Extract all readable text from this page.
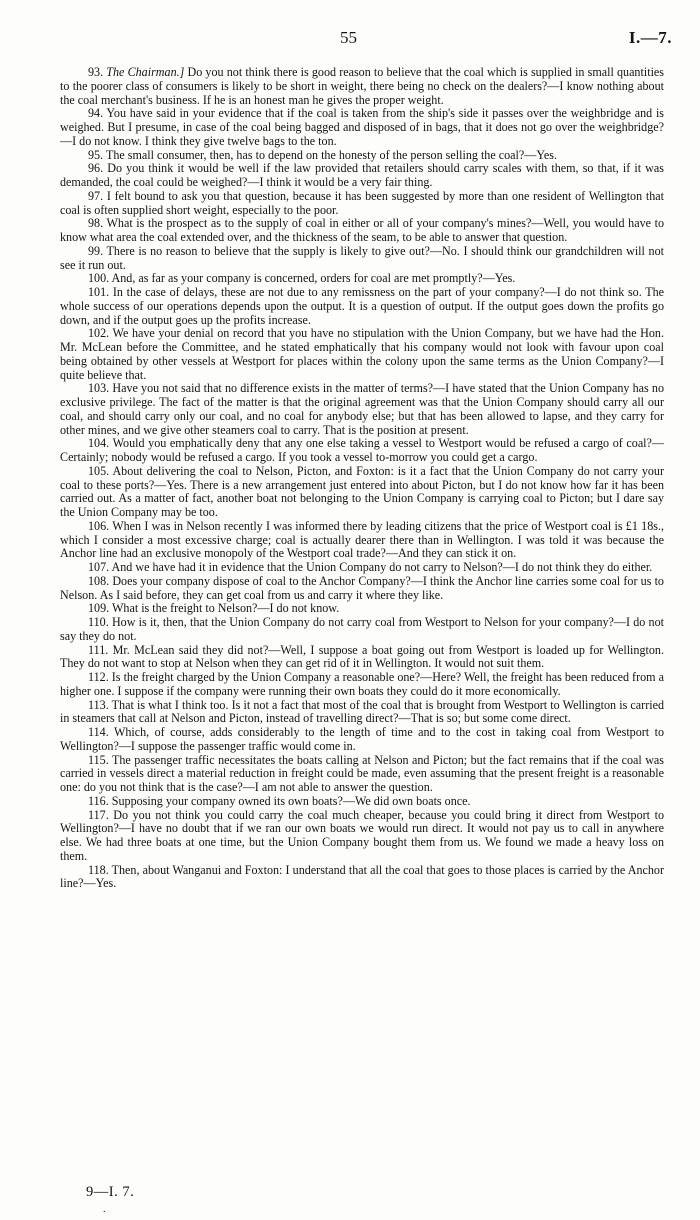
55	I.—7.

93. The Chairman.] Do you not think there is good reason to believe that the coal which is supplied in small quantities to the poorer class of consumers is likely to be short in weight, there being no check on the dealers?—I know nothing about the coal merchant's business. If he is an honest man he gives the proper weight.

94. You have said in your evidence that if the coal is taken from the ship's side it passes over the weighbridge and is weighed. But I presume, in case of the coal being bagged and disposed of in bags, that it does not go over the weighbridge?—I do not know. I think they give twelve bags to the ton.

95. The small consumer, then, has to depend on the honesty of the person selling the coal?—Yes.

96. Do you think it would be well if the law provided that retailers should carry scales with them, so that, if it was demanded, the coal could be weighed?—I think it would be a very fair thing.

97. I felt bound to ask you that question, because it has been suggested by more than one resident of Wellington that coal is often supplied short weight, especially to the poor.

98. What is the prospect as to the supply of coal in either or all of your company's mines?—Well, you would have to know what area the coal extended over, and the thickness of the seam, to be able to answer that question.

99. There is no reason to believe that the supply is likely to give out?—No. I should think our grandchildren will not see it run out.

100. And, as far as your company is concerned, orders for coal are met promptly?—Yes.

101. In the case of delays, these are not due to any remissness on the part of your company?—I do not think so. The whole success of our operations depends upon the output. It is a question of output. If the output goes down the profits go down, and if the output goes up the profits increase.

102. We have your denial on record that you have no stipulation with the Union Company, but we have had the Hon. Mr. McLean before the Committee, and he stated emphatically that his company would not look with favour upon coal being obtained by other vessels at Westport for places within the colony upon the same terms as the Union Company?—I quite believe that.

103. Have you not said that no difference exists in the matter of terms?—I have stated that the Union Company has no exclusive privilege. The fact of the matter is that the original agreement was that the Union Company should carry all our coal, and should carry only our coal, and no coal for anybody else; but that has been allowed to lapse, and they carry for other mines, and we give other steamers coal to carry. That is the position at present.

104. Would you emphatically deny that any one else taking a vessel to Westport would be refused a cargo of coal?—Certainly; nobody would be refused a cargo. If you took a vessel to-morrow you could get a cargo.

105. About delivering the coal to Nelson, Picton, and Foxton: is it a fact that the Union Company do not carry your coal to these ports?—Yes. There is a new arrangement just entered into about Picton, but I do not know how far it has been carried out. As a matter of fact, another boat not belonging to the Union Company is carrying coal to Picton; but I dare say the Union Company may be too.

106. When I was in Nelson recently I was informed there by leading citizens that the price of Westport coal is £1 18s., which I consider a most excessive charge; coal is actually dearer there than in Wellington. I was told it was because the Anchor line had an exclusive monopoly of the Westport coal trade?—And they can stick it on.

107. And we have had it in evidence that the Union Company do not carry to Nelson?—I do not think they do either.

108. Does your company dispose of coal to the Anchor Company?—I think the Anchor line carries some coal for us to Nelson. As I said before, they can get coal from us and carry it where they like.

109. What is the freight to Nelson?—I do not know.

110. How is it, then, that the Union Company do not carry coal from Westport to Nelson for your company?—I do not say they do not.

111. Mr. McLean said they did not?—Well, I suppose a boat going out from Westport is loaded up for Wellington. They do not want to stop at Nelson when they can get rid of it in Wellington. It would not suit them.

112. Is the freight charged by the Union Company a reasonable one?—Here? Well, the freight has been reduced from a higher one. I suppose if the company were running their own boats they could do it more economically.

113. That is what I think too. Is it not a fact that most of the coal that is brought from Westport to Wellington is carried in steamers that call at Nelson and Picton, instead of travelling direct?—That is so; but some come direct.

114. Which, of course, adds considerably to the length of time and to the cost in taking coal from Westport to Wellington?—I suppose the passenger traffic would come in.

115. The passenger traffic necessitates the boats calling at Nelson and Picton; but the fact remains that if the coal was carried in vessels direct a material reduction in freight could be made, even assuming that the present freight is a reasonable one: do you not think that is the case?—I am not able to answer the question.

116. Supposing your company owned its own boats?—We did own boats once.

117. Do you not think you could carry the coal much cheaper, because you could bring it direct from Westport to Wellington?—I have no doubt that if we ran our own boats we would run direct. It would not pay us to call in anywhere else. We had three boats at one time, but the Union Company bought them from us. We found we made a heavy loss on them.

118. Then, about Wanganui and Foxton: I understand that all the coal that goes to those places is carried by the Anchor line?—Yes.

9—I. 7.
.
